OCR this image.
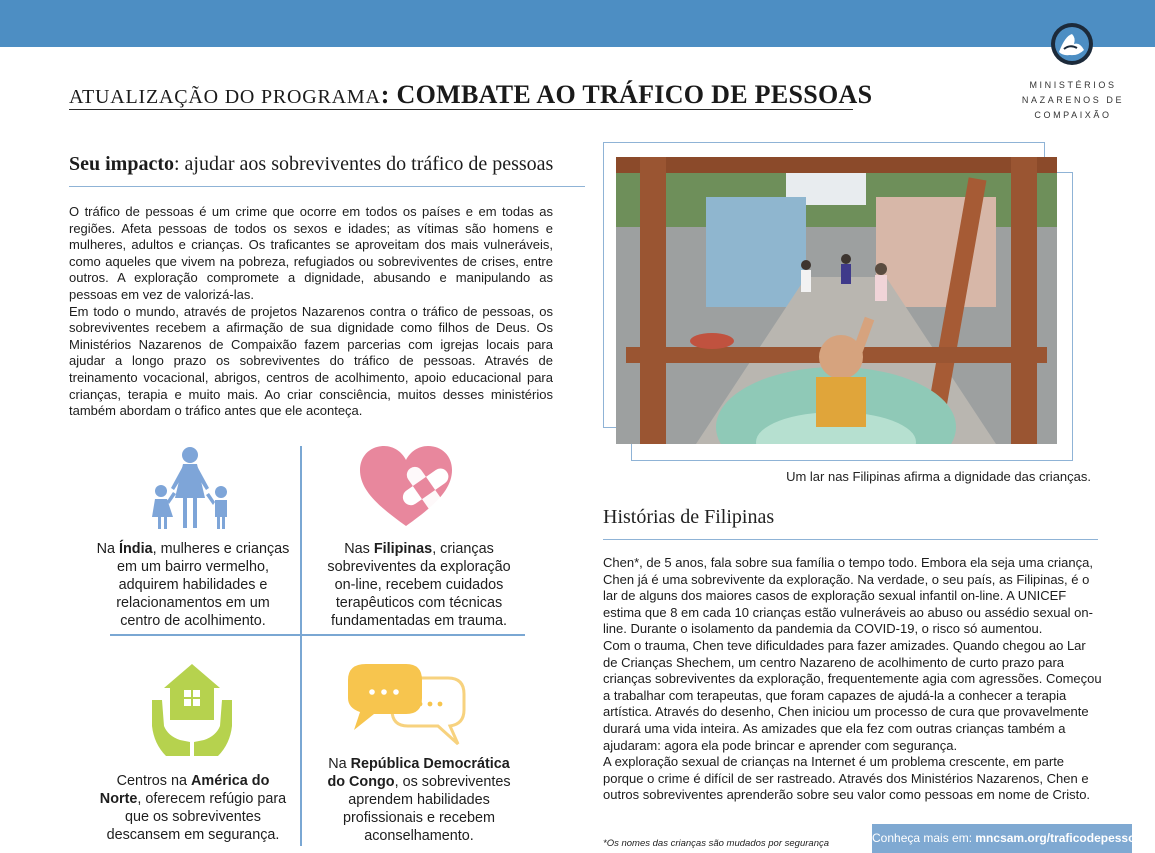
MINISTÉRIOS
NAZARENOS DE
COMPAIXÃO
ATUALIZAÇÃO DO PROGRAMA: COMBATE AO TRÁFICO DE PESSOAS
Seu impacto: ajudar aos sobreviventes do tráfico de pessoas

O tráfico de pessoas é um crime que ocorre em todos os países e em todas as regiões. Afeta pessoas de todos os sexos e idades; as vítimas são homens e mulheres, adultos e crianças. Os traficantes se aproveitam dos mais vulneráveis, como aqueles que vivem na pobreza, refugiados ou sobreviventes de crises, entre outros. A exploração compromete a dignidade, abusando e manipulando as pessoas em vez de valorizá-las.

Em todo o mundo, através de projetos Nazarenos contra o tráfico de pessoas, os sobreviventes recebem a afirmação de sua dignidade como filhos de Deus. Os Ministérios Nazarenos de Compaixão fazem parcerias com igrejas locais para ajudar a longo prazo os sobreviventes do tráfico de pessoas. Através de treinamento vocacional, abrigos, centros de acolhimento, apoio educacional para crianças, terapia e muito mais. Ao criar consciência, muitos desses ministérios também abordam o tráfico antes que ele aconteça.

Na Índia, mulheres e crianças em um bairro vermelho, adquirem habilidades e relacionamentos em um centro de acolhimento.
Nas Filipinas, crianças sobreviventes da exploração on-line, recebem cuidados terapêuticos com técnicas fundamentadas em trauma.
Centros na América do Norte, oferecem refúgio para que os sobreviventes descansem em segurança.
Na República Democrática do Congo, os sobreviventes aprendem habilidades profissionais e recebem aconselhamento.
Um lar nas Filipinas afirma a dignidade das crianças.
Histórias de Filipinas

Chen*, de 5 anos, fala sobre sua família o tempo todo. Embora ela seja uma criança, Chen já é uma sobrevivente da exploração. Na verdade, o seu país, as Filipinas, é o lar de alguns dos maiores casos de exploração sexual infantil on-line. A UNICEF estima que 8 em cada 10 crianças estão vulneráveis ao abuso ou assédio sexual on-line. Durante o isolamento da pandemia da COVID-19, o risco só aumentou.

Com o trauma, Chen teve dificuldades para fazer amizades. Quando chegou ao Lar de Crianças Shechem, um centro Nazareno de acolhimento de curto prazo para crianças sobreviventes da exploração, frequentemente agia com agressões. Começou a trabalhar com terapeutas, que foram capazes de ajudá-la a conhecer a terapia artística. Através do desenho, Chen iniciou um processo de cura que provavelmente durará uma vida inteira. As amizades que ela fez com outras crianças também a ajudaram: agora ela pode brincar e aprender com segurança.

A exploração sexual de crianças na Internet é um problema crescente, em parte porque o crime é difícil de ser rastreado. Através dos Ministérios Nazarenos, Chen e outros sobreviventes aprenderão sobre seu valor como pessoas em nome de Cristo.

*Os nomes das crianças são mudados por segurança	Conheça mais em: mncsam.org/traficodepessoas
